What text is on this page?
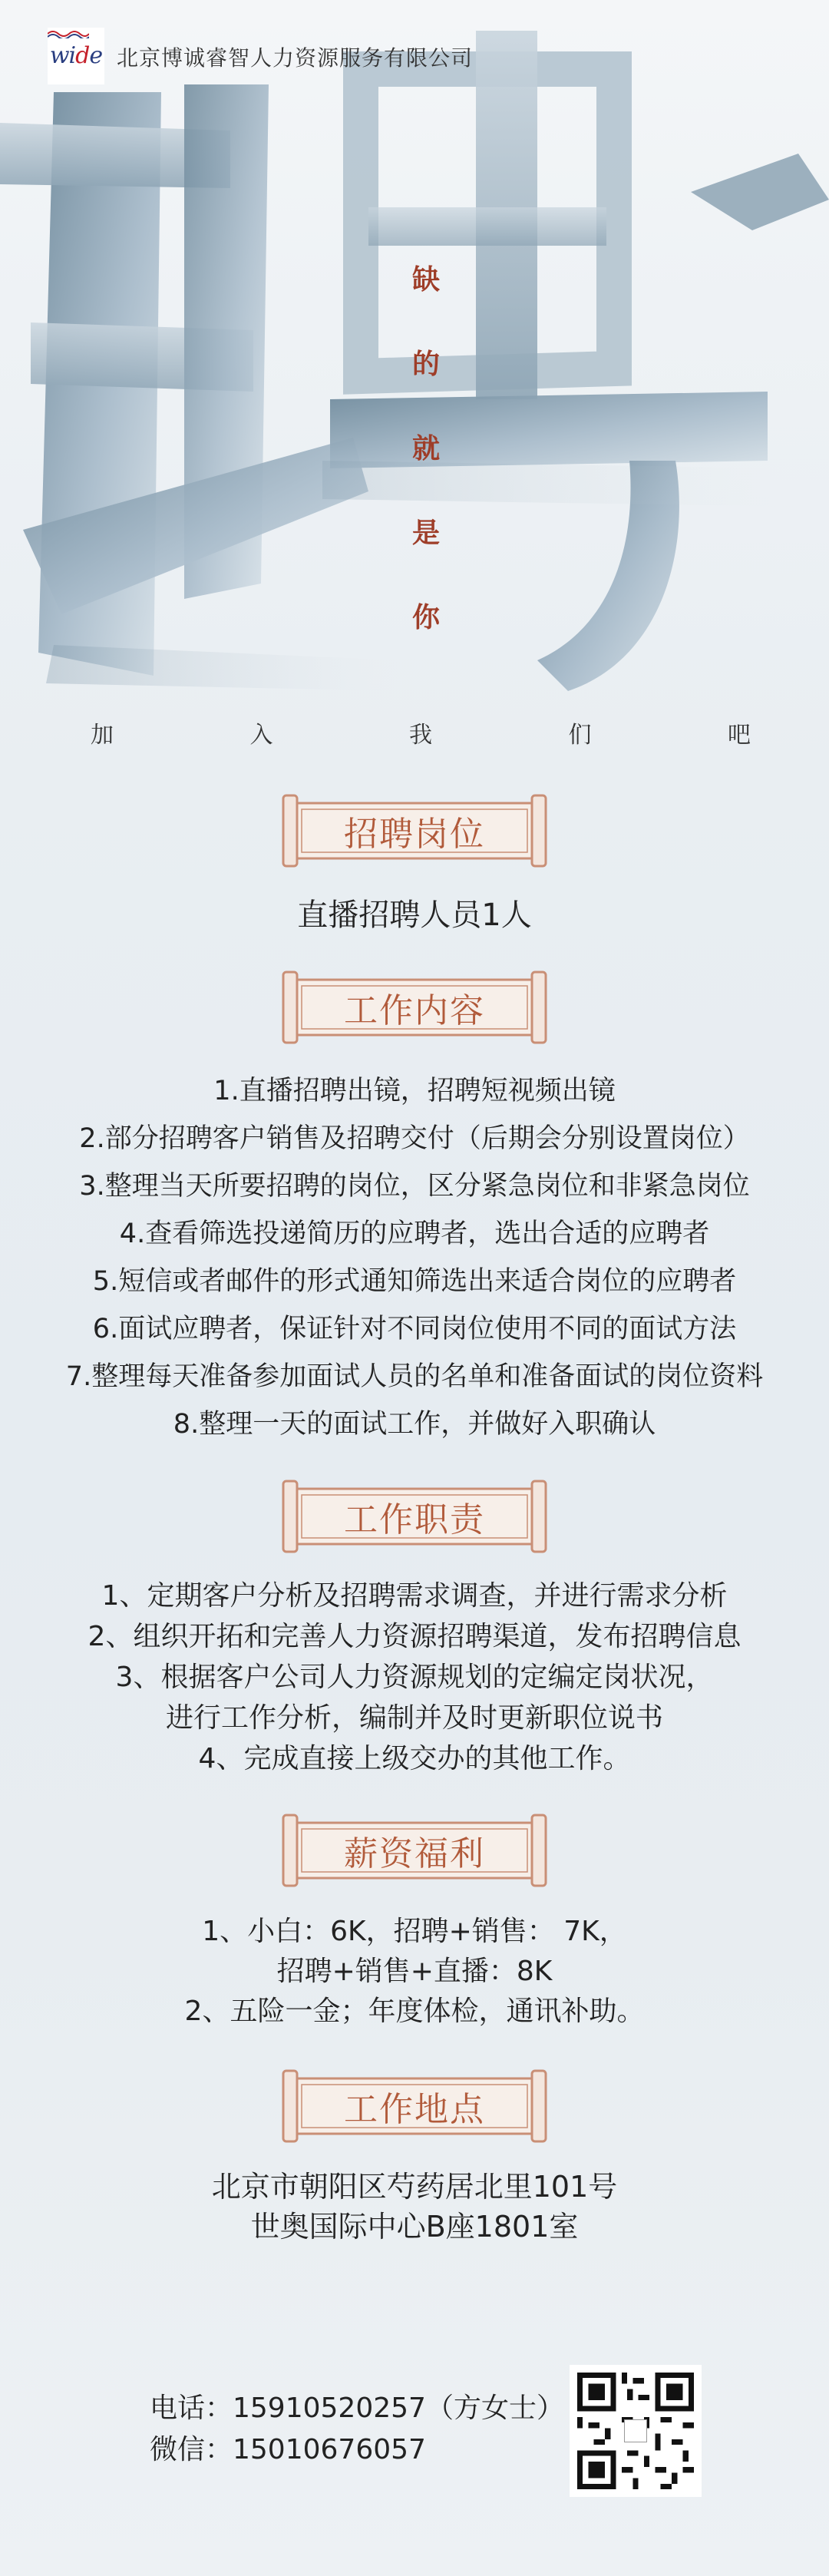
wide 北京博诚睿智人力资源服务有限公司
缺
的
就
是
你
加	入	我	们	吧
招聘岗位
直播招聘人员1人
工作内容
1.直播招聘出镜，招聘短视频出镜
2.部分招聘客户销售及招聘交付（后期会分别设置岗位）
3.整理当天所要招聘的岗位，区分紧急岗位和非紧急岗位
4.查看筛选投递简历的应聘者，选出合适的应聘者
5.短信或者邮件的形式通知筛选出来适合岗位的应聘者
6.面试应聘者，保证针对不同岗位使用不同的面试方法
7.整理每天准备参加面试人员的名单和准备面试的岗位资料
8.整理一天的面试工作，并做好入职确认
工作职责
1、定期客户分析及招聘需求调查，并进行需求分析
2、组织开拓和完善人力资源招聘渠道，发布招聘信息
3、根据客户公司人力资源规划的定编定岗状况，
进行工作分析，编制并及时更新职位说书
4、完成直接上级交办的其他工作。
薪资福利
1、小白：6K，招聘+销售： 7K，
招聘+销售+直播：8K
2、五险一金；年度体检，通讯补助。
工作地点
北京市朝阳区芍药居北里101号
世奥国际中心B座1801室
电话：15910520257（方女士）
微信：15010676057
